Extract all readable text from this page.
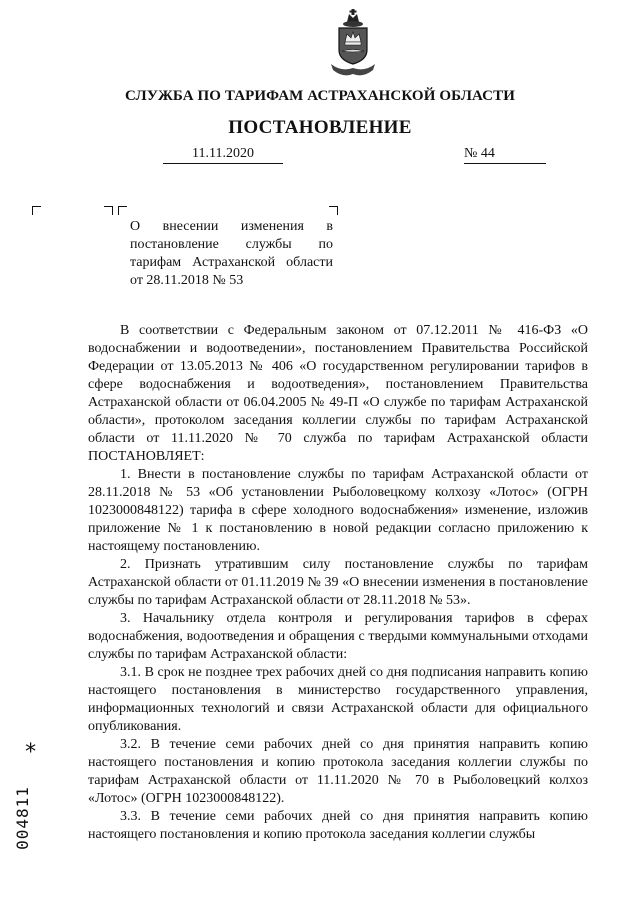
СЛУЖБА ПО ТАРИФАМ АСТРАХАНСКОЙ ОБЛАСТИ
ПОСТАНОВЛЕНИЕ
11.11.2020	№ 44
О внесении изменения в постановление службы по тарифам Астраханской области от 28.11.2018 № 53

В соответствии с Федеральным законом от 07.12.2011 № 416-ФЗ «О водоснабжении и водоотведении», постановлением Правительства Российской Федерации от 13.05.2013 № 406 «О государственном регулировании тарифов в сфере водоснабжения и водоотведения», постановлением Правительства Астраханской области от 06.04.2005 № 49-П «О службе по тарифам Астраханской области», протоколом заседания коллегии службы по тарифам Астраханской области от 11.11.2020 № 70 служба по тарифам Астраханской области ПОСТАНОВЛЯЕТ:

1. Внести в постановление службы по тарифам Астраханской области от 28.11.2018 № 53 «Об установлении Рыболовецкому колхозу «Лотос» (ОГРН 1023000848122) тарифа в сфере холодного водоснабжения» изменение, изложив приложение № 1 к постановлению в новой редакции согласно приложению к настоящему постановлению.

2. Признать утратившим силу постановление службы по тарифам Астраханской области от 01.11.2019 № 39 «О внесении изменения в постановление службы по тарифам Астраханской области от 28.11.2018 № 53».

3. Начальнику отдела контроля и регулирования тарифов в сферах водоснабжения, водоотведения и обращения с твердыми коммунальными отходами службы по тарифам Астраханской области:

3.1. В срок не позднее трех рабочих дней со дня подписания направить копию настоящего постановления в министерство государственного управления, информационных технологий и связи Астраханской области для официального опубликования.

3.2. В течение семи рабочих дней со дня принятия направить копию настоящего постановления и копию протокола заседания коллегии службы по тарифам Астраханской области от 11.11.2020 № 70 в Рыболовецкий колхоз «Лотос» (ОГРН 1023000848122).

3.3. В течение семи рабочих дней со дня принятия направить копию настоящего постановления и копию протокола заседания коллегии службы

*
004811
